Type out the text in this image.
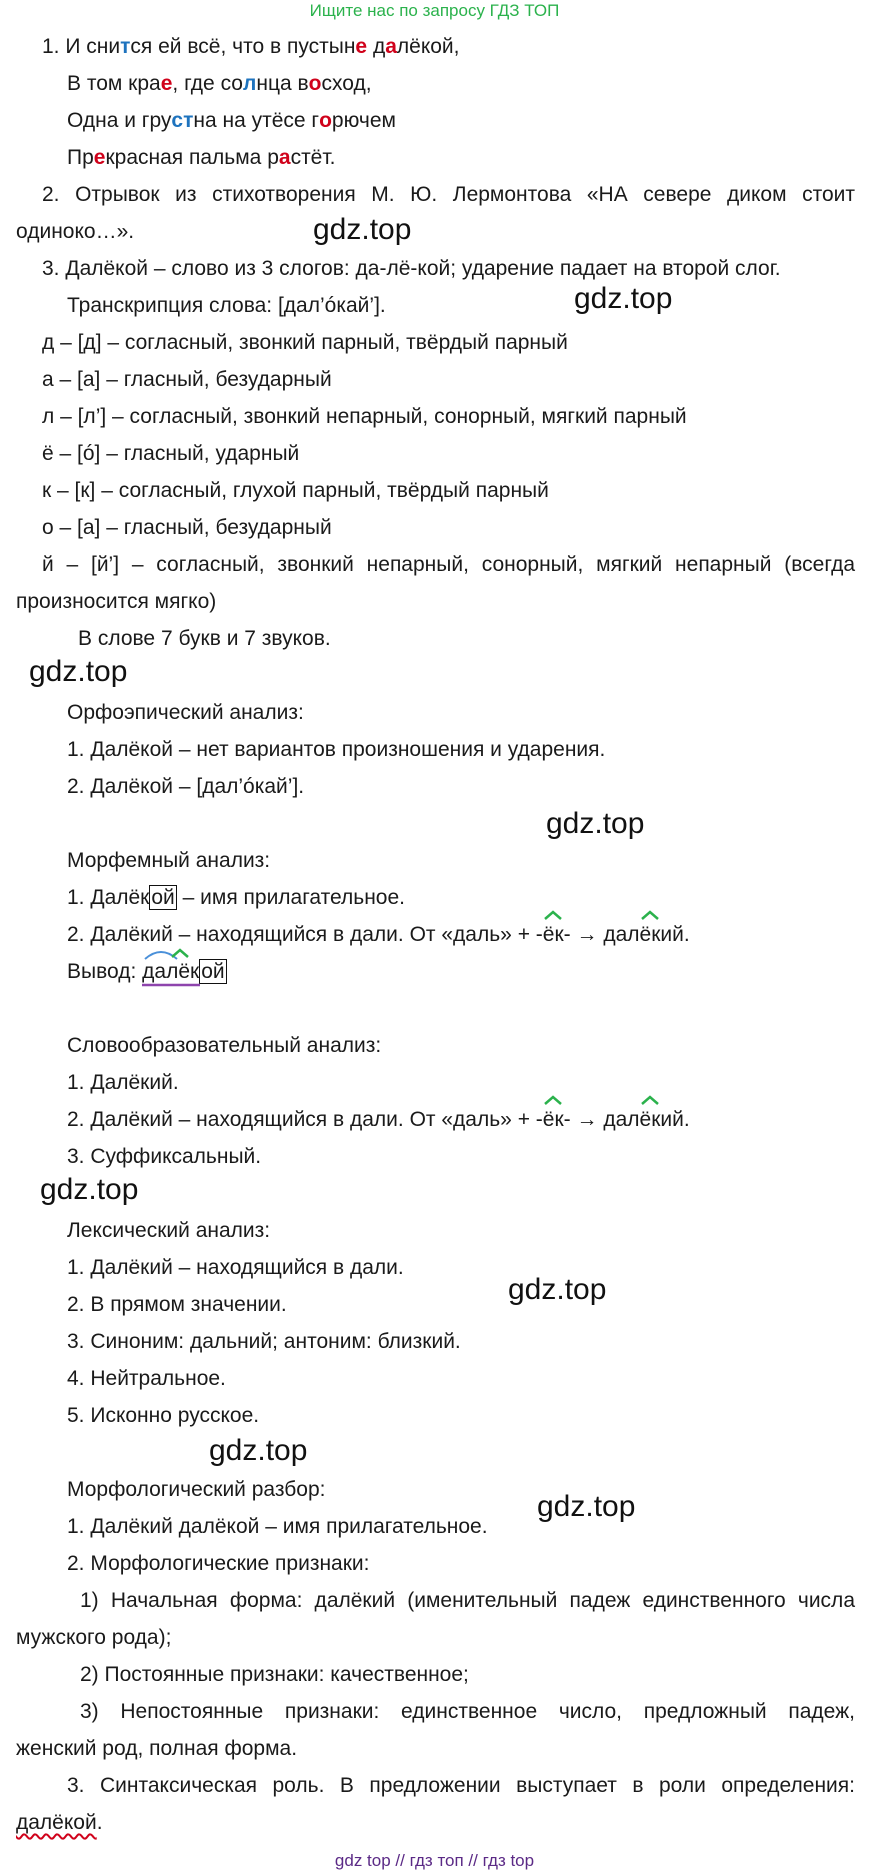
Ищите нас по запросу ГДЗ ТОП
1. И снится ей всё, что в пустыне далёкой,
В том крае, где солнца восход,
Одна и грустна на утёсе горючем
Прекрасная пальма растёт.
2. Отрывок из стихотворения М. Ю. Лермонтова «НА севере диком стоит
одиноко…».	gdz.top
3. Далёкой – слово из 3 слогов: да-лё-кой; ударение падает на второй слог.
Транскрипция слова: [дал’óкай’].	gdz.top
д – [д] – согласный, звонкий парный, твёрдый парный
а – [а] – гласный, безударный
л – [л’] – согласный, звонкий непарный, сонорный, мягкий парный
ё – [ó] – гласный, ударный
к – [к] – согласный, глухой парный, твёрдый парный
о – [а] – гласный, безударный
й – [й’] – согласный, звонкий непарный, сонорный, мягкий непарный (всегда
произносится мягко)
В слове 7 букв и 7 звуков.
gdz.top
Орфоэпический анализ:
1. Далёкой – нет вариантов произношения и ударения.
2. Далёкой – [дал’óкай’].
gdz.top
Морфемный анализ:
1. Далёкой – имя прилагательное.
2. Далёкий – находящийся в дали. От «даль» + -
ёк- → дал
ёкий.
Вывод:
далёкой
Словообразовательный анализ:
1. Далёкий.
2. Далёкий – находящийся в дали. От «даль» + -
ёк- → дал
ёкий.
3. Суффиксальный.
gdz.top
Лексический анализ:
1. Далёкий – находящийся в дали.
2. В прямом значении.	gdz.top
3. Синоним: дальний; антоним: близкий.
4. Нейтральное.
5. Исконно русское.
gdz.top
Морфологический разбор:
1. Далёкий далёкой – имя прилагательное.
gdz.top
2. Морфологические признаки:
1) Начальная форма: далёкий (именительный падеж единственного числа
мужского рода);
2) Постоянные признаки: качественное;
3) Непостоянные признаки: единственное число, предложный падеж,
женский род, полная форма.
3. Синтаксическая роль. В предложении выступает в роли определения:
далёкой.
gdz top // гдз топ // гдз top
